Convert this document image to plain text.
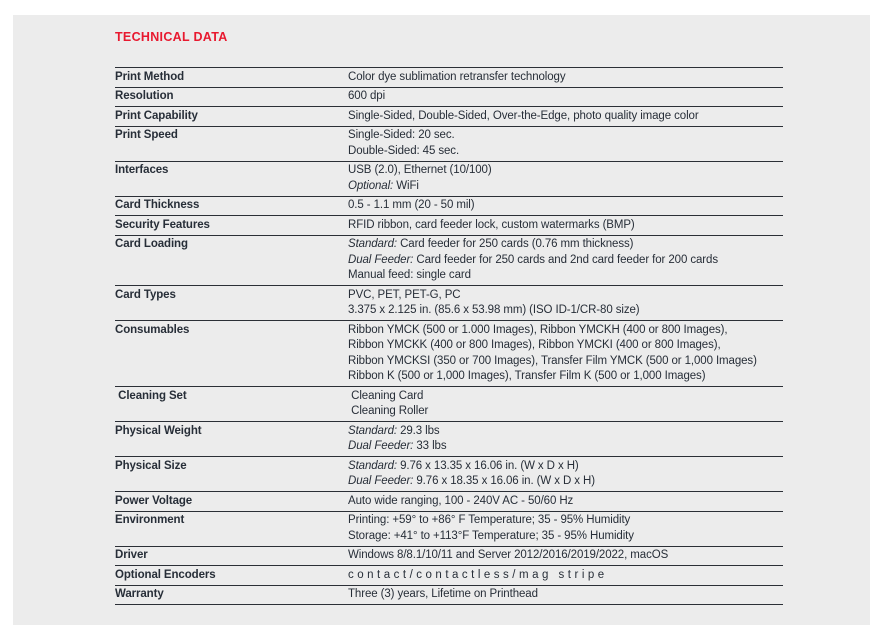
TECHNICAL DATA
Print Method	Color dye sublimation retransfer technology
Resolution	600 dpi
Print Capability	Single-Sided, Double-Sided, Over-the-Edge, photo quality image color
Print Speed	Single-Sided: 20 sec.
Double-Sided: 45 sec.
Interfaces	USB (2.0), Ethernet (10/100)
Optional: WiFi
Card Thickness	0.5 - 1.1 mm (20 - 50 mil)
Security Features	RFID ribbon, card feeder lock, custom watermarks (BMP)
Card Loading	Standard: Card feeder for 250 cards (0.76 mm thickness)
Dual Feeder: Card feeder for 250 cards and 2nd card feeder for 200 cards
Manual feed: single card
Card Types	PVC, PET, PET-G, PC
3.375 x 2.125 in. (85.6 x 53.98 mm) (ISO ID-1/CR-80 size)
Consumables	Ribbon YMCK (500 or 1.000 Images), Ribbon YMCKH (400 or 800 Images),
Ribbon YMCKK (400 or 800 Images), Ribbon YMCKI (400 or 800 Images),
Ribbon YMCKSI (350 or 700 Images), Transfer Film YMCK (500 or 1,000 Images)
Ribbon K (500 or 1,000 Images), Transfer Film K (500 or 1,000 Images)
Cleaning Set	Cleaning Card
Cleaning Roller
Physical Weight	Standard: 29.3 lbs
Dual Feeder: 33 lbs
Physical Size	Standard: 9.76 x 13.35 x 16.06 in. (W x D x H)
Dual Feeder: 9.76 x 18.35 x 16.06 in. (W x D x H)
Power Voltage	Auto wide ranging, 100 - 240V AC - 50/60 Hz
Environment	Printing: +59° to +86° F Temperature; 35 - 95% Humidity
Storage: +41° to +113°F Temperature; 35 - 95% Humidity
Driver	Windows 8/8.1/10/11 and Server 2012/2016/2019/2022, macOS
Optional Encoders	contact/contactless/mag stripe
Warranty	Three (3) years, Lifetime on Printhead
